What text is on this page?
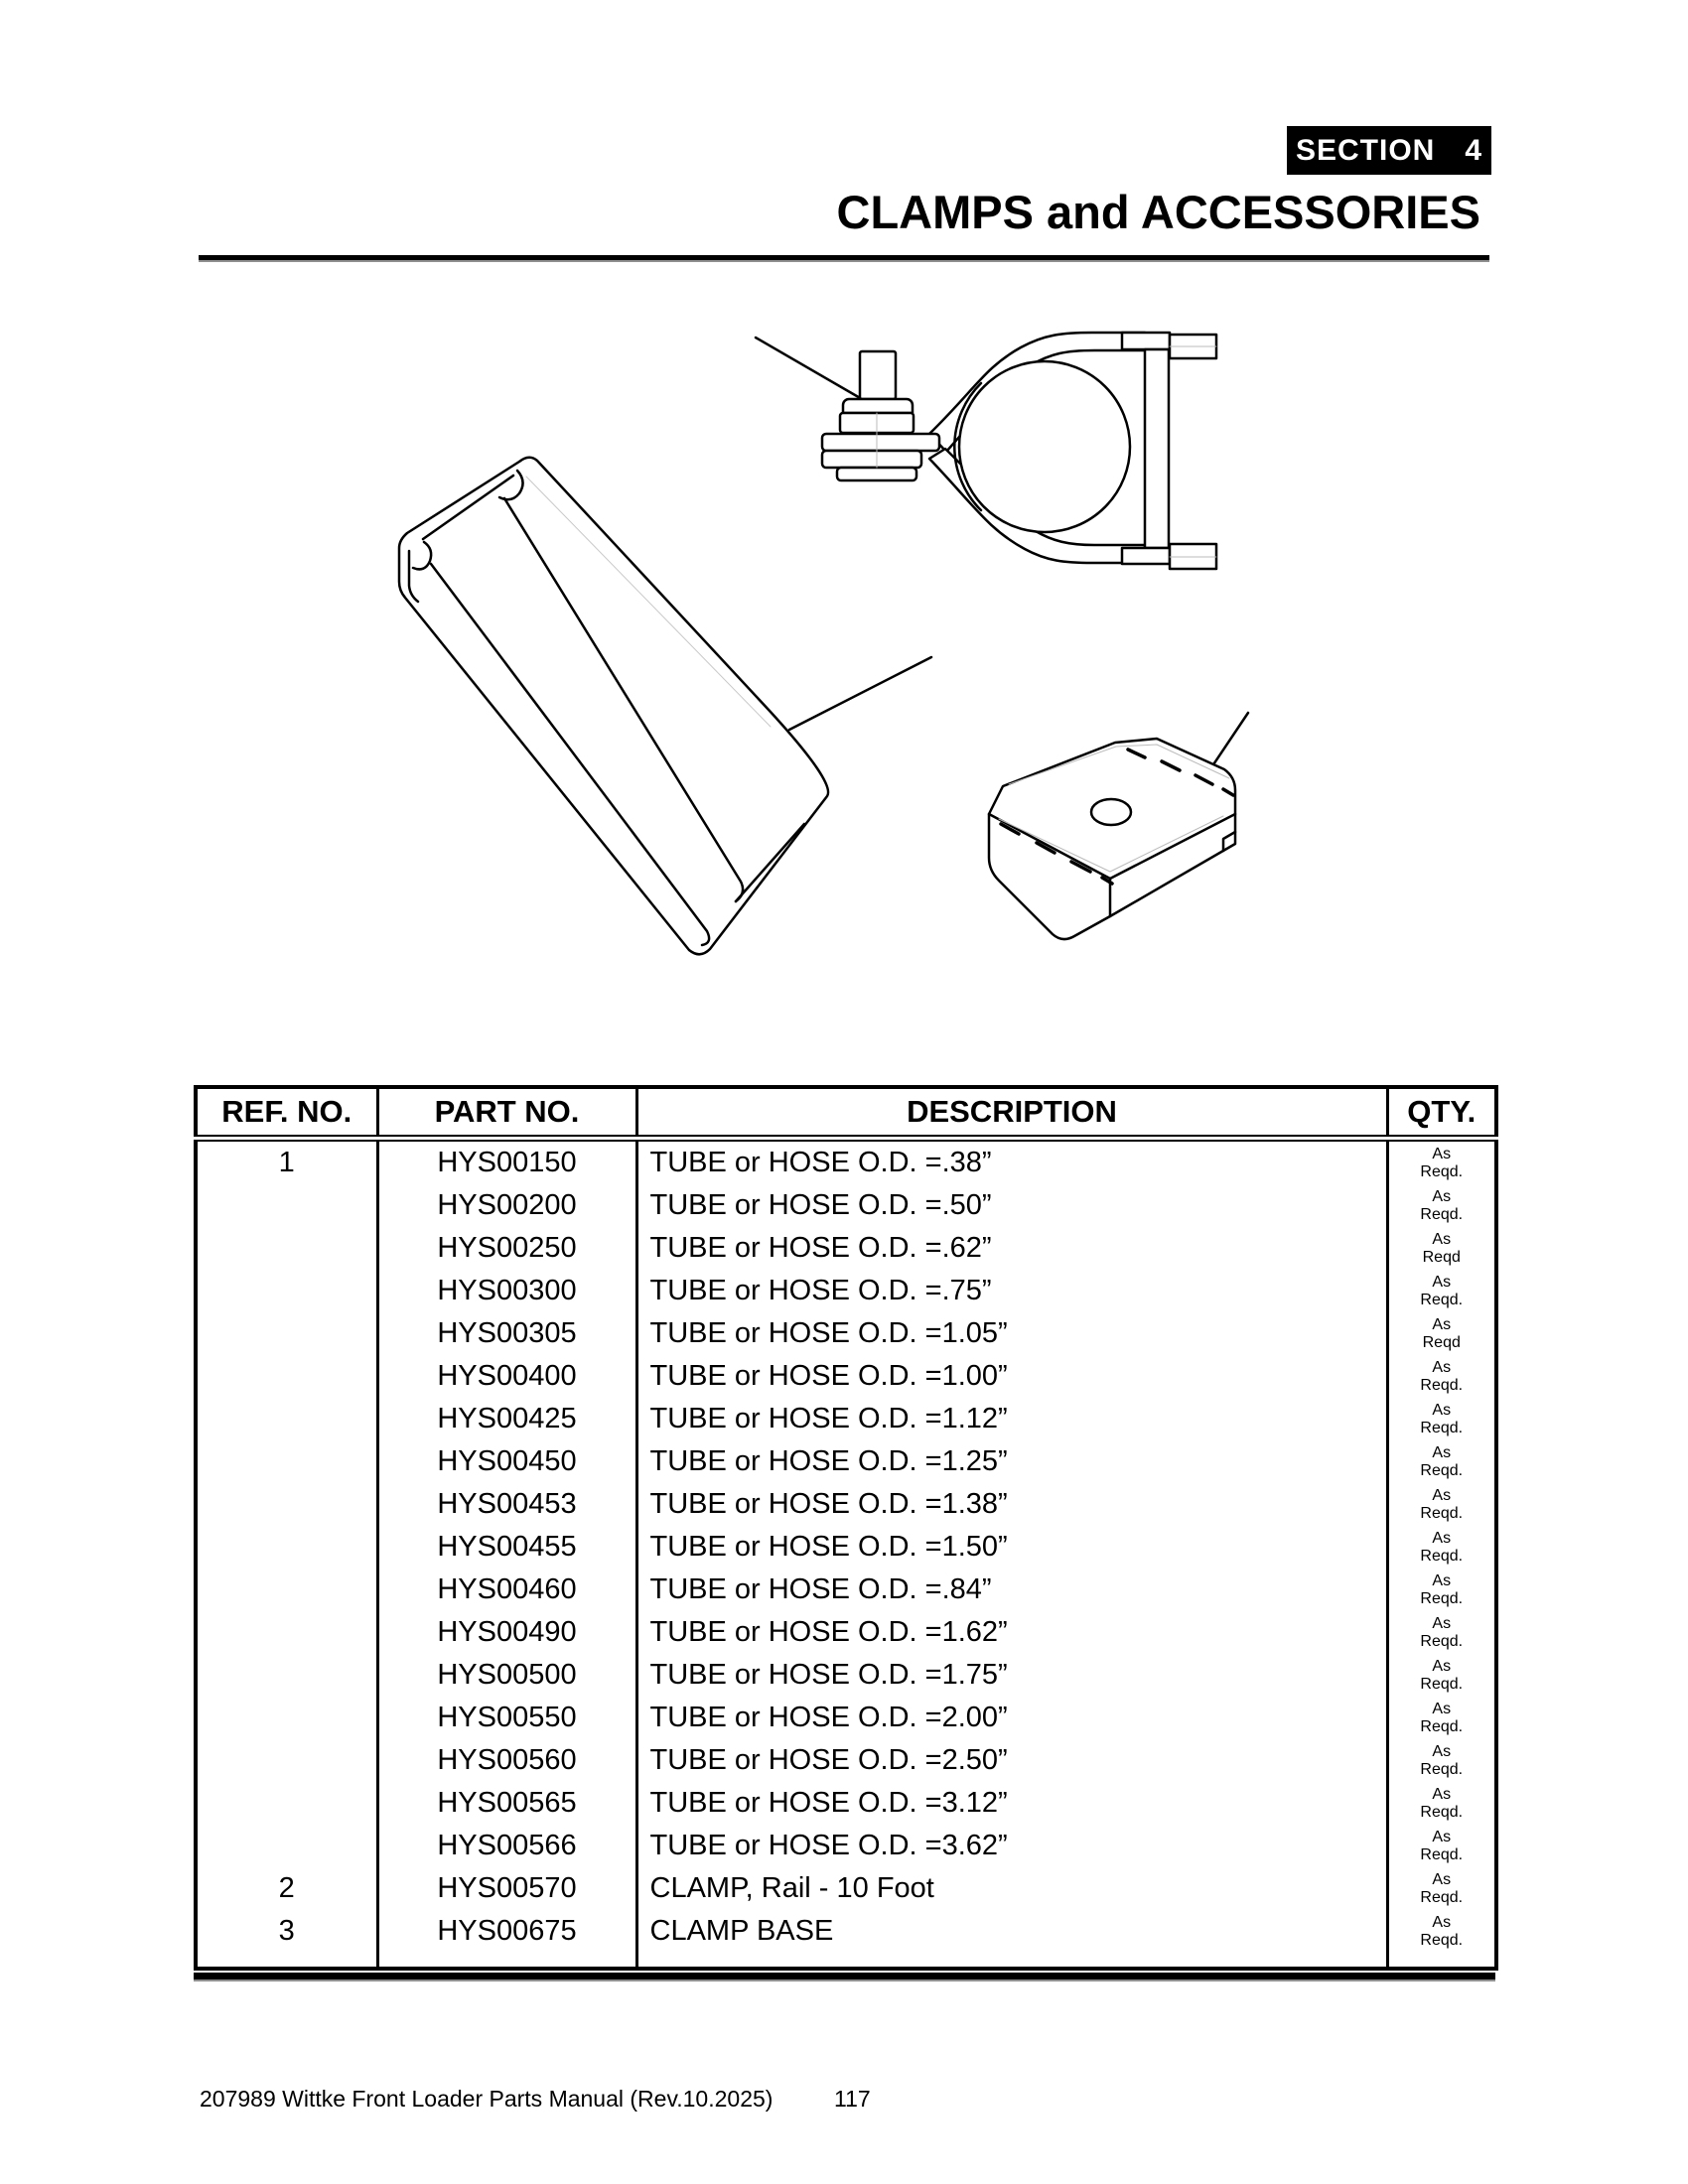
SECTION 4
CLAMPS and ACCESSORIES
REF. NO.	PART NO.	DESCRIPTION	QTY.
1	HYS00150	TUBE or HOSE O.D. =.38”	As
Reqd.

	HYS00200	TUBE or HOSE O.D. =.50”	As
Reqd.

	HYS00250	TUBE or HOSE O.D. =.62”	As
Reqd

	HYS00300	TUBE or HOSE O.D. =.75”	As
Reqd.

	HYS00305	TUBE or HOSE O.D. =1.05”	As
Reqd

	HYS00400	TUBE or HOSE O.D. =1.00”	As
Reqd.

	HYS00425	TUBE or HOSE O.D. =1.12”	As
Reqd.

	HYS00450	TUBE or HOSE O.D. =1.25”	As
Reqd.

	HYS00453	TUBE or HOSE O.D. =1.38”	As
Reqd.

	HYS00455	TUBE or HOSE O.D. =1.50”	As
Reqd.

	HYS00460	TUBE or HOSE O.D. =.84”	As
Reqd.

	HYS00490	TUBE or HOSE O.D. =1.62”	As
Reqd.

	HYS00500	TUBE or HOSE O.D. =1.75”	As
Reqd.

	HYS00550	TUBE or HOSE O.D. =2.00”	As
Reqd.

	HYS00560	TUBE or HOSE O.D. =2.50”	As
Reqd.

	HYS00565	TUBE or HOSE O.D. =3.12”	As
Reqd.

	HYS00566	TUBE or HOSE O.D. =3.62”	As
Reqd.

2	HYS00570	CLAMP, Rail - 10 Foot	As
Reqd.

3	HYS00675	CLAMP BASE	As
Reqd.

207989 Wittke Front Loader Parts Manual (Rev.10.2025)	117
